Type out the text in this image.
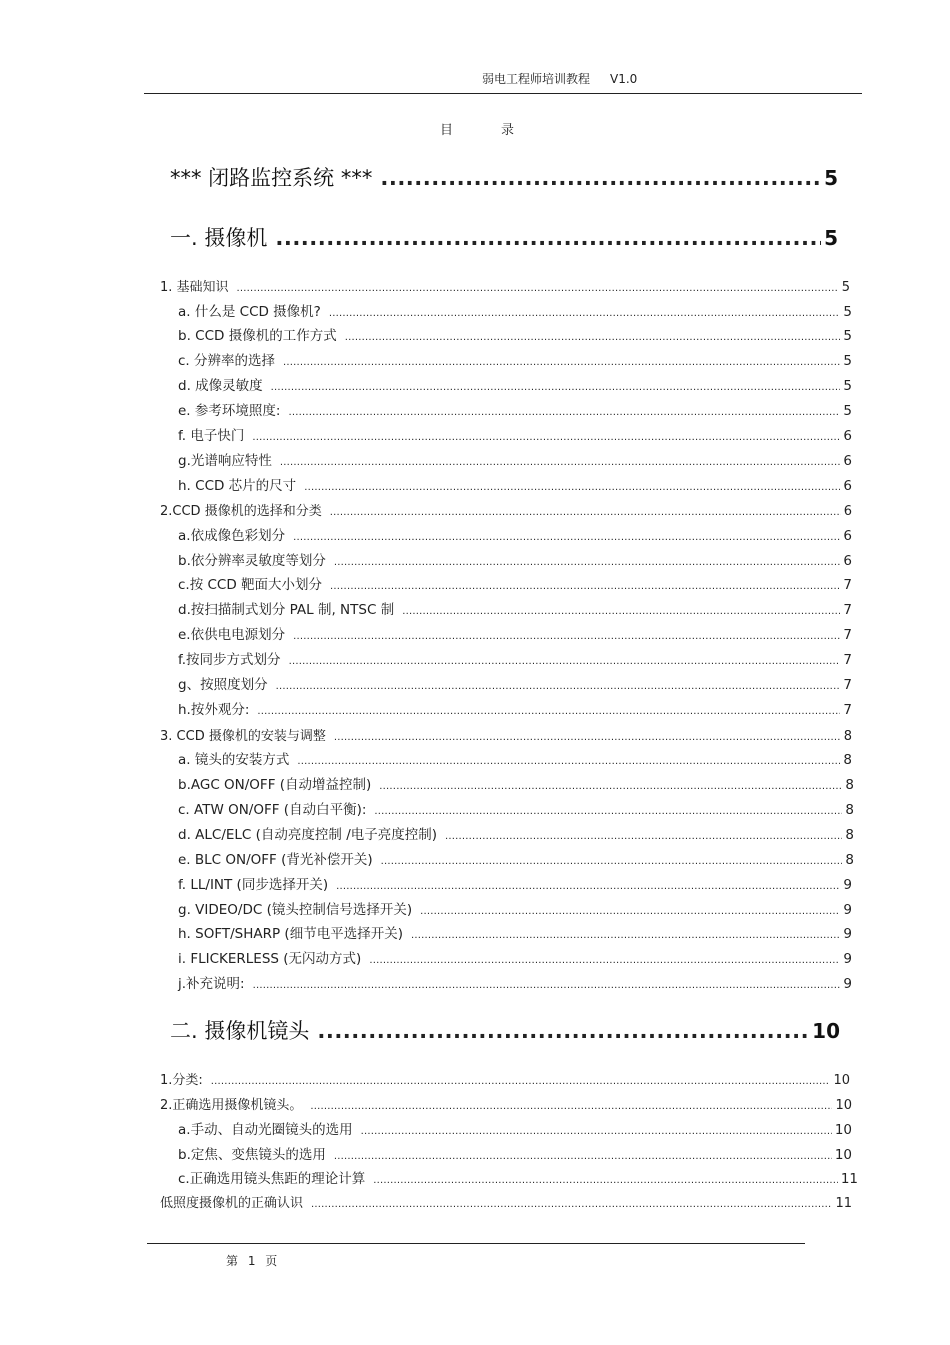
弱电工程师培训教程 V1.0
目录
*** 闭路监控系统 *** .....	5
一. 摄像机 .....	5
1. 基础知识 .....	5
a. 什么是 CCD 摄像机? .....	5
b. CCD 摄像机的工作方式 .....	5
c. 分辨率的选择 .....	5
d. 成像灵敏度 .....	5
e. 参考环境照度: .....	5
f. 电子快门 .....	6
g.光谱响应特性 .....	6
h. CCD 芯片的尺寸 .....	6
2.CCD 摄像机的选择和分类 .....	6
a.依成像色彩划分 .....	6
b.依分辨率灵敏度等划分 .....	6
c.按 CCD 靶面大小划分 .....	7
d.按扫描制式划分 PAL 制, NTSC 制 .....	7
e.依供电电源划分 .....	7
f.按同步方式划分 .....	7
g、按照度划分 .....	7
h.按外观分: .....	7
3. CCD 摄像机的安装与调整 .....	8
a. 镜头的安装方式 .....	8
b.AGC ON/OFF (自动增益控制) .....	8
c. ATW ON/OFF (自动白平衡): .....	8
d. ALC/ELC (自动亮度控制 /电子亮度控制) .....	8
e. BLC ON/OFF (背光补偿开关) .....	8
f. LL/INT (同步选择开关) .....	9
g. VIDEO/DC (镜头控制信号选择开关) .....	9
h. SOFT/SHARP (细节电平选择开关) .....	9
i. FLICKERLESS (无闪动方式) .....	9
j.补充说明: .....	9
二. 摄像机镜头 .....	10
1.分类: .....	10
2.正确选用摄像机镜头。 .....	10
a.手动、自动光圈镜头的选用 .....	10
b.定焦、变焦镜头的选用 .....	10
c.正确选用镜头焦距的理论计算 .....	11
低照度摄像机的正确认识 .....	11
第 1 页
